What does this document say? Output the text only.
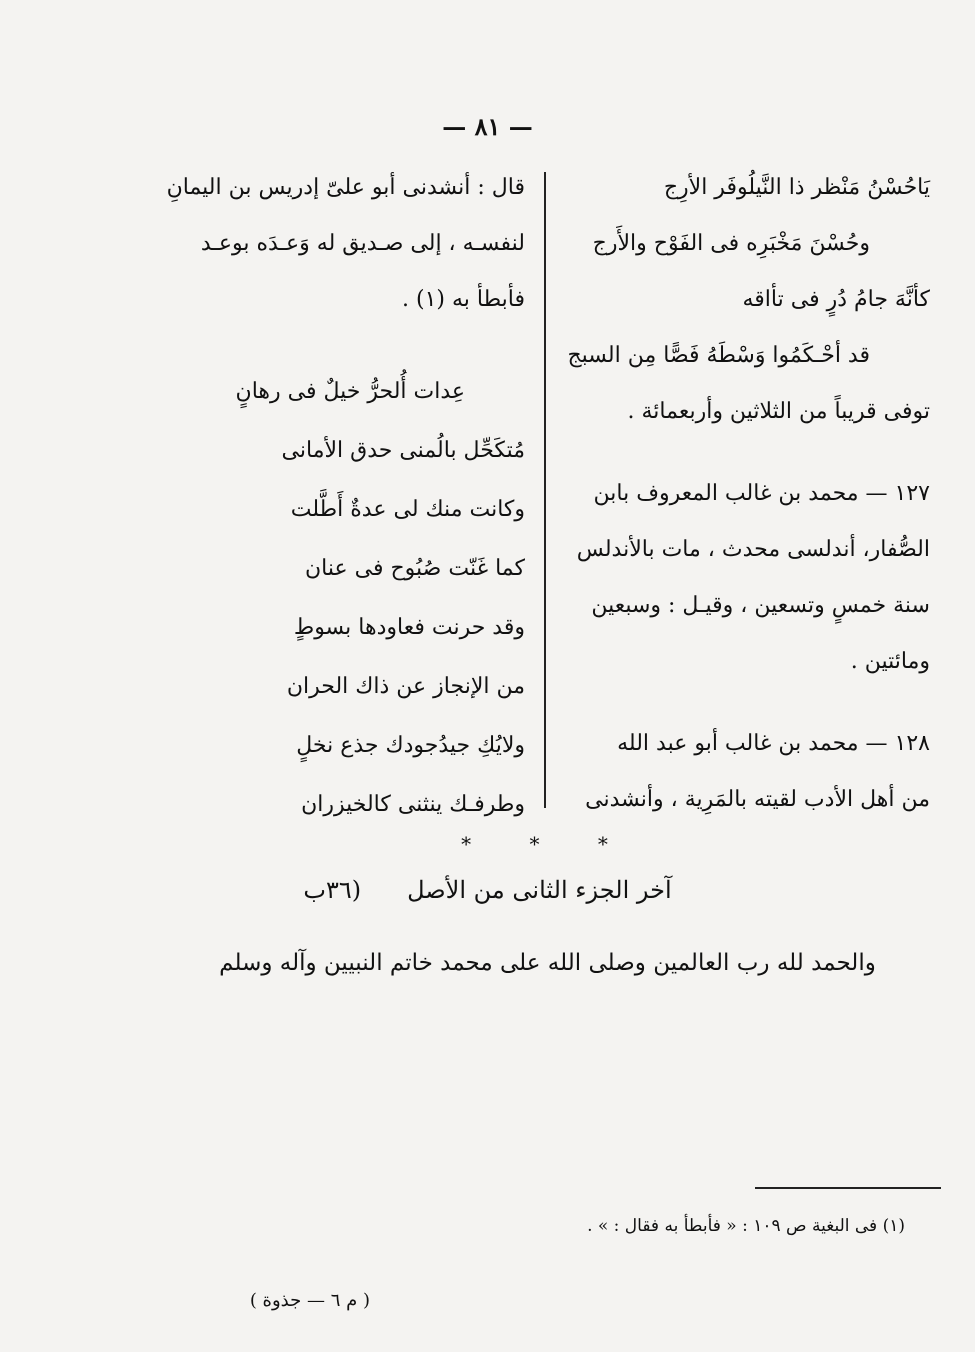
— ٨١ —
يَاحُسْنُ مَنْظر ذا النَّيلُوفَر الأرِج
وحُسْنَ مَخْبَرِه فى الفَوْح والأَرج
كأنَّهَ جامُ دُرٍ فى تأاقه
قد أحْـكَمُوا وَسْطَهُ فَصًّا مِن السبج
توفى قريباً من الثلاثين وأربعمائة .
١٢٧ — محمد بن غالب المعروف بابن
الصُّفار، أندلسى محدث ، مات بالأندلس
سنة خمسٍ وتسعين ، وقيـل : وسبعين
ومائتين .
١٢٨ — محمد بن غالب أبو عبد الله
من أهل الأدب لقيته بالمَرِية ، وأنشدنى
قال : أنشدنى أبو علىّ إدريس بن اليمانِ
لنفسـه ، إلى صـديق له وَعـدَه بوعـد
فأبطأ به (١) .
عِدات أُلحرُّ خيلٌ فى رهانٍ
مُتكَحِّل بالُمنى حدق الأمانى
وكانت منك لى عدةٌ أَطَّلت
كما غَنّت صُبُوح فى عنان
وقد حرنت فعاودها بسوطٍ
من الإنجاز عن ذاك الحران
ولايُكِ جيدُجودك جذع نخلٍ
وطرفـك ينثنى كالخيزران
* * *
آخر الجزء الثانى من الأصل(٣٦ب
والحمد لله رب العالمين وصلى الله على محمد خاتم النبيين وآله وسلم
(١) فى البغية ص ١٠٩ : « فأبطأ به فقال : » .
( م ٦ — جذوة )
